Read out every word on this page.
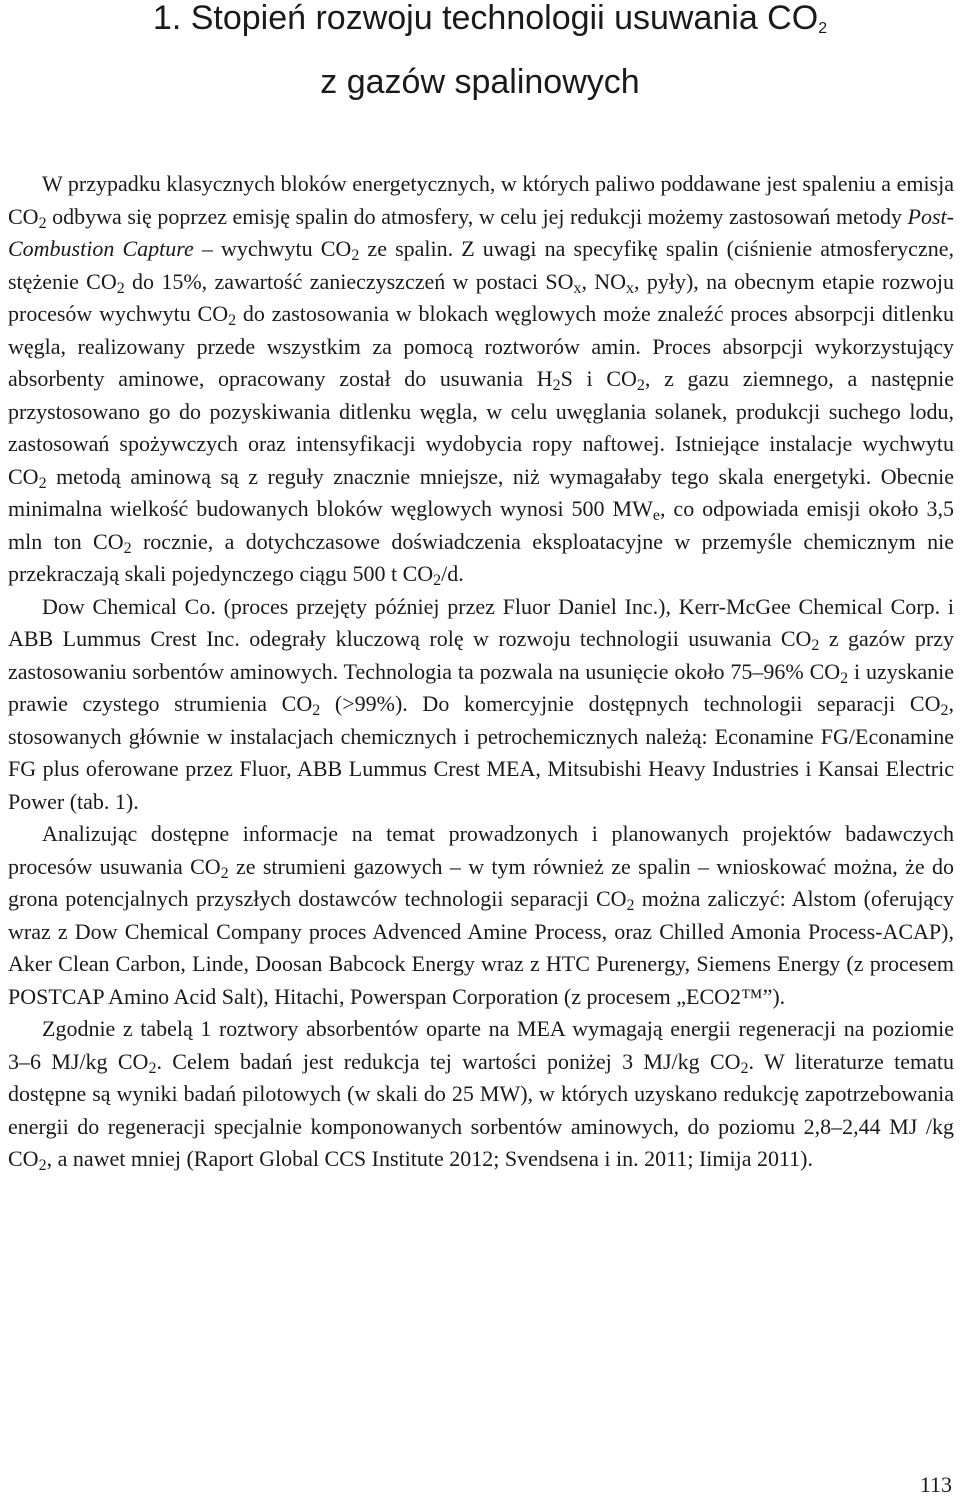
1. Stopień rozwoju technologii usuwania $CO_2$
z gazów spalinowych

W przypadku klasycznych bloków energetycznych, w których paliwo poddawane jest spaleniu a emisja $CO_2$ odbywa się poprzez emisję spalin do atmosfery, w celu jej redukcji możemy zastosowań metody Post-Combustion Capture – wychwytu $CO_2$ ze spalin. Z uwagi na specyfikę spalin (ciśnienie atmosferyczne, stężenie $CO_2$ do 15%, zawartość zanieczyszczeń w postaci $SO_x$, $NO_x$, pyły), na obecnym etapie rozwoju procesów wychwytu $CO_2$ do zastosowania w blokach węglowych może znaleźć proces absorpcji ditlenku węgla, realizowany przede wszystkim za pomocą roztworów amin. Proces absorpcji wykorzystujący absorbenty aminowe, opracowany został do usuwania $H_2S$ i $CO_2$, z gazu ziemnego, a następnie przystosowano go do pozyskiwania ditlenku węgla, w celu uwęglania solanek, produkcji suchego lodu, zastosowań spożywczych oraz intensyfikacji wydobycia ropy naftowej. Istniejące instalacje wychwytu $CO_2$ metodą aminową są z reguły znacznie mniejsze, niż wymagałaby tego skala energetyki. Obecnie minimalna wielkość budowanych bloków węglowych wynosi 500 $MW_e$, co odpowiada emisji około 3,5 mln ton $CO_2$ rocznie, a dotychczasowe doświadczenia eksploatacyjne w przemyśle chemicznym nie przekraczają skali pojedynczego ciągu 500 t $CO_2/d$.

Dow Chemical Co. (proces przejęty później przez Fluor Daniel Inc.), Kerr-McGee Chemical Corp. i ABB Lummus Crest Inc. odegrały kluczową rolę w rozwoju technologii usuwania $CO_2$ z gazów przy zastosowaniu sorbentów aminowych. Technologia ta pozwala na usunięcie około 75–96% $CO_2$ i uzyskanie prawie czystego strumienia $CO_2$ (>99%). Do komercyjnie dostępnych technologii separacji $CO_2$, stosowanych głównie w instalacjach chemicznych i petrochemicznych należą: Econamine FG/Econamine FG plus oferowane przez Fluor, ABB Lummus Crest MEA, Mitsubishi Heavy Industries i Kansai Electric Power (tab. 1).

Analizując dostępne informacje na temat prowadzonych i planowanych projektów badawczych procesów usuwania $CO_2$ ze strumieni gazowych – w tym również ze spalin – wnioskować można, że do grona potencjalnych przyszłych dostawców technologii separacji $CO_2$ można zaliczyć: Alstom (oferujący wraz z Dow Chemical Company proces Advenced Amine Process, oraz Chilled Amonia Process-ACAP), Aker Clean Carbon, Linde, Doosan Babcock Energy wraz z HTC Purenergy, Siemens Energy (z procesem POSTCAP Amino Acid Salt), Hitachi, Powerspan Corporation (z procesem „ECO2™”).

Zgodnie z tabelą 1 roztwory absorbentów oparte na MEA wymagają energii regeneracji na poziomie 3–6 MJ/kg $CO_2$. Celem badań jest redukcja tej wartości poniżej 3 MJ/kg $CO_2$. W literaturze tematu dostępne są wyniki badań pilotowych (w skali do 25 MW), w których uzyskano redukcję zapotrzebowania energii do regeneracji specjalnie komponowanych sorbentów aminowych, do poziomu 2,8–2,44 MJ /kg $CO_2$, a nawet mniej (Raport Global CCS Institute 2012; Svendsena i in. 2011; Iimija 2011).

113
